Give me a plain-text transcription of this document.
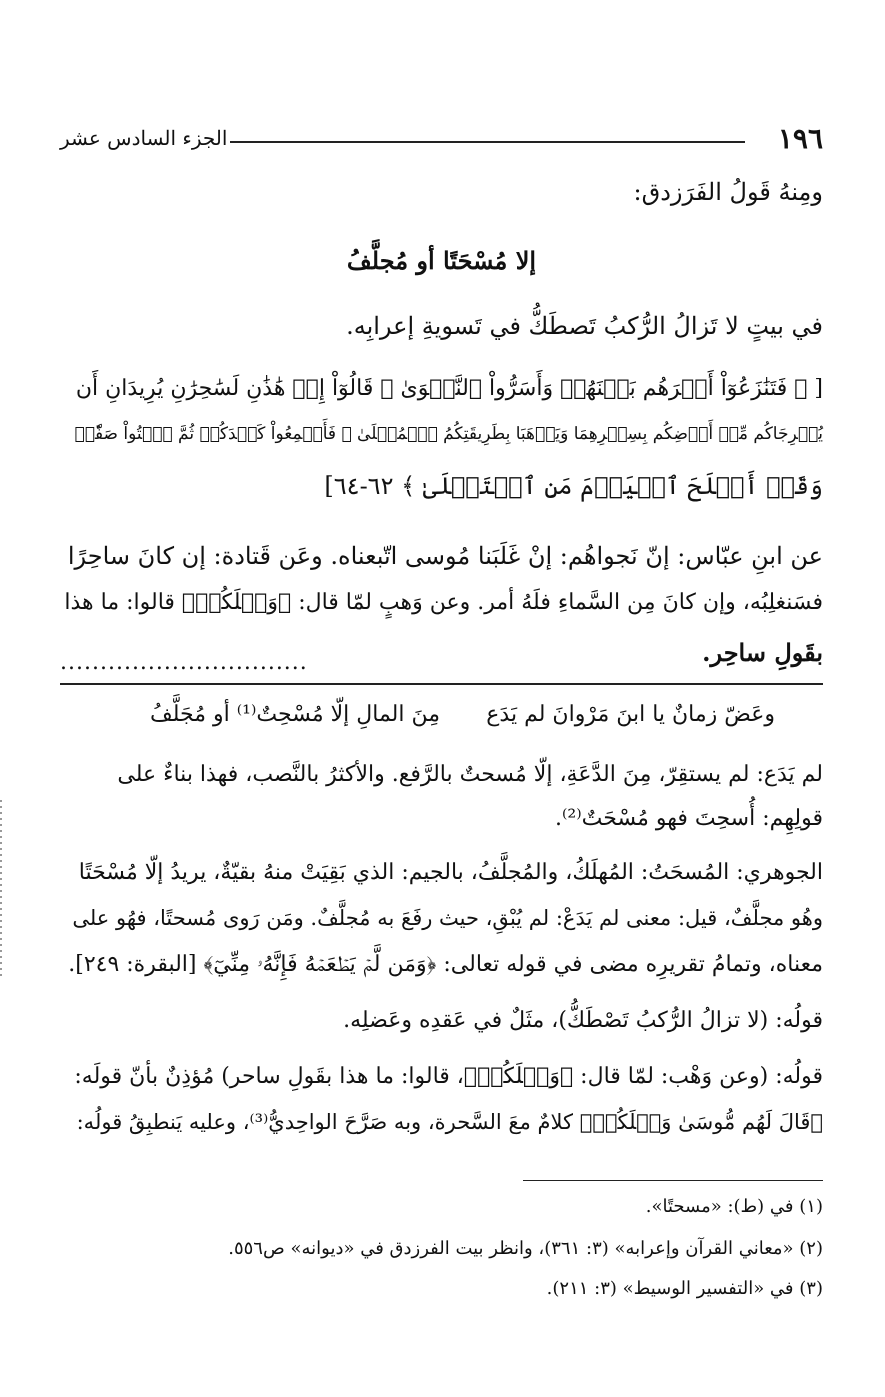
١٩٦
الجزء السادس عشر
ومِنهُ قَولُ الفَرَزدق:
إلا مُسْحَتًا أو مُجلَّفُ
في بيتٍ لا تَزالُ الرُّكبُ تَصطَكُّ في تَسويةِ إعرابِه.
[ ﴿ فَتَنَٰزَعُوٓاْ أَمۡرَهُم بَيۡنَهُمۡ وَأَسَرُّواْ ٱلنَّجۡوَىٰ ۞ قَالُوٓاْ إِنۡ هَٰذَٰنِ لَسَٰحِرَٰنِ يُرِيدَانِ أَن
يُخۡرِجَاكُم مِّنۡ أَرۡضِكُم بِسِحۡرِهِمَا وَيَذۡهَبَا بِطَرِيقَتِكُمُ ٱلۡمُثۡلَىٰ ۞ فَأَجۡمِعُواْ كَيۡدَكُمۡ ثُمَّ ٱئۡتُواْ صَفّٗاۚ
وَقَدۡ أَفۡلَحَ ٱلۡيَوۡمَ مَنِ ٱسۡتَعۡلَىٰ ﴾ ٦٢-٦٤]
عن ابنِ عبّاس: إنّ نَجواهُم: إنْ غَلَبَنا مُوسى اتّبعناه. وعَن قَتادة: إن كانَ ساحِرًا
فسَنغلِبُه، وإن كانَ مِن السَّماءِ فلَهُ أمر. وعن وَهبٍ لمّا قال: ﴿وَيۡلَكُمۡ﴾ قالوا: ما هذا
بقَولِ ساحِر.
...............................
وعَضّ زمانٌ يا ابنَ مَرْوانَ لم يَدَع
مِنَ المالِ إلّا مُسْحِتٌ⁽¹⁾ أو مُجَلَّفُ
لم يَدَع: لم يستقِرّ، مِنَ الدَّعَةِ، إلّا مُسحتٌ بالرَّفع. والأكثرُ بالنَّصب، فهذا بناءٌ على
قولِهِم: أُسحِتَ فهو مُسْحَتٌ⁽²⁾.
الجوهري: المُسحَتُ: المُهلَكُ، والمُجلَّفُ، بالجيم: الذي بَقِيَتْ منهُ بقيّةٌ، يريدُ إلّا مُسْحَتًا
وهُو مجلَّفٌ، قيل: معنى لم يَدَعْ: لم يُبْقِ، حيث رفَعَ به مُجلَّفٌ. ومَن رَوى مُسحتًا، فهُو على
معناه، وتمامُ تقريرِه مضى في قوله تعالى: ﴿وَمَن لَّمۡ يَطۡعَمۡهُ فَإِنَّهُۥ مِنِّيٓ﴾ [البقرة: ٢٤٩].
قولُه: (لا تزالُ الرُّكبُ تَصْطَكُّ)، مثَلٌ في عَقدِه وعَضلِه.
قولُه: (وعن وَهْب: لمّا قال: ﴿وَيۡلَكُمۡ﴾، قالوا: ما هذا بقَولِ ساحر) مُؤذِنٌ بأنّ قولَه:
﴿قَالَ لَهُم مُّوسَىٰ وَيۡلَكُمۡ﴾ كلامٌ معَ السَّحرة، وبه صَرَّحَ الواحِديُّ⁽³⁾، وعليه يَنطبِقُ قولُه:
(١) في (ط): «مسحتًا».
(٢) «معاني القرآن وإعرابه» (٣: ٣٦١)، وانظر بيت الفرزدق في «ديوانه» ص٥٥٦.
(٣) في «التفسير الوسيط» (٣: ٢١١).
